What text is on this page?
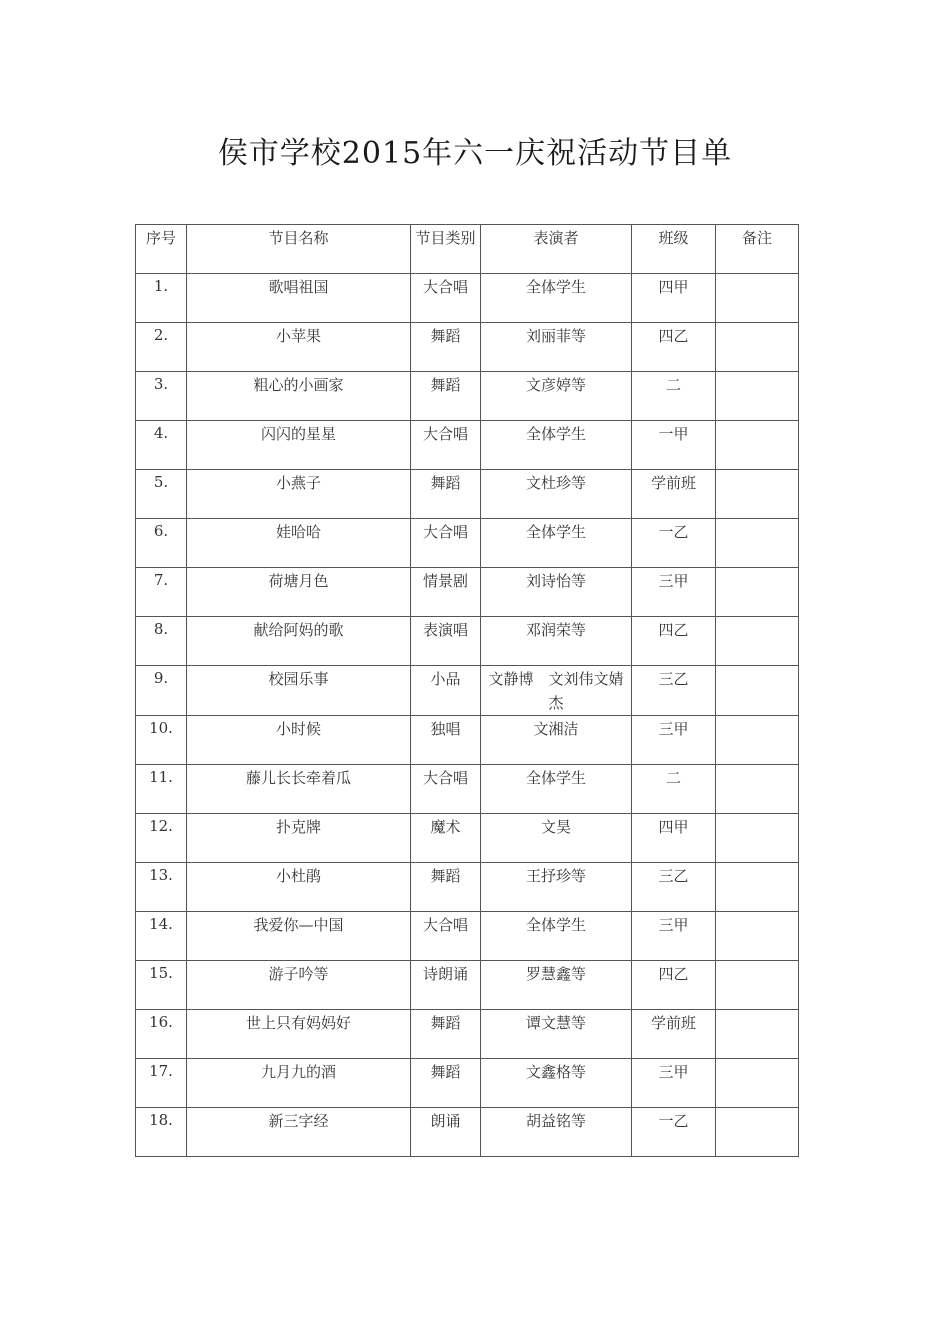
侯市学校2015年六一庆祝活动节目单
序号	节目名称	节目类别	表演者	班级	备注

1.	歌唱祖国	大合唱	全体学生	四甲	

2.	小苹果	舞蹈	刘丽菲等	四乙	

3.	粗心的小画家	舞蹈	文彦婷等	二	

4.	闪闪的星星	大合唱	全体学生	一甲	

5.	小燕子	舞蹈	文杜珍等	学前班	

6.	娃哈哈	大合唱	全体学生	一乙	

7.	荷塘月色	情景剧	刘诗怡等	三甲	

8.	献给阿妈的歌	表演唱	邓润荣等	四乙	

9.	校园乐事	小品	文静博　文刘伟文婧杰	三乙	

10.	小时候	独唱	文湘洁	三甲	

11.	藤儿长长牵着瓜	大合唱	全体学生	二	

12.	扑克牌	魔术	文昊	四甲	

13.	小杜鹃	舞蹈	王抒珍等	三乙	

14.	我爱你—中国	大合唱	全体学生	三甲	

15.	游子吟等	诗朗诵	罗慧鑫等	四乙	

16.	世上只有妈妈好	舞蹈	谭文慧等	学前班	

17.	九月九的酒	舞蹈	文鑫格等	三甲	

18.	新三字经	朗诵	胡益铭等	一乙	
